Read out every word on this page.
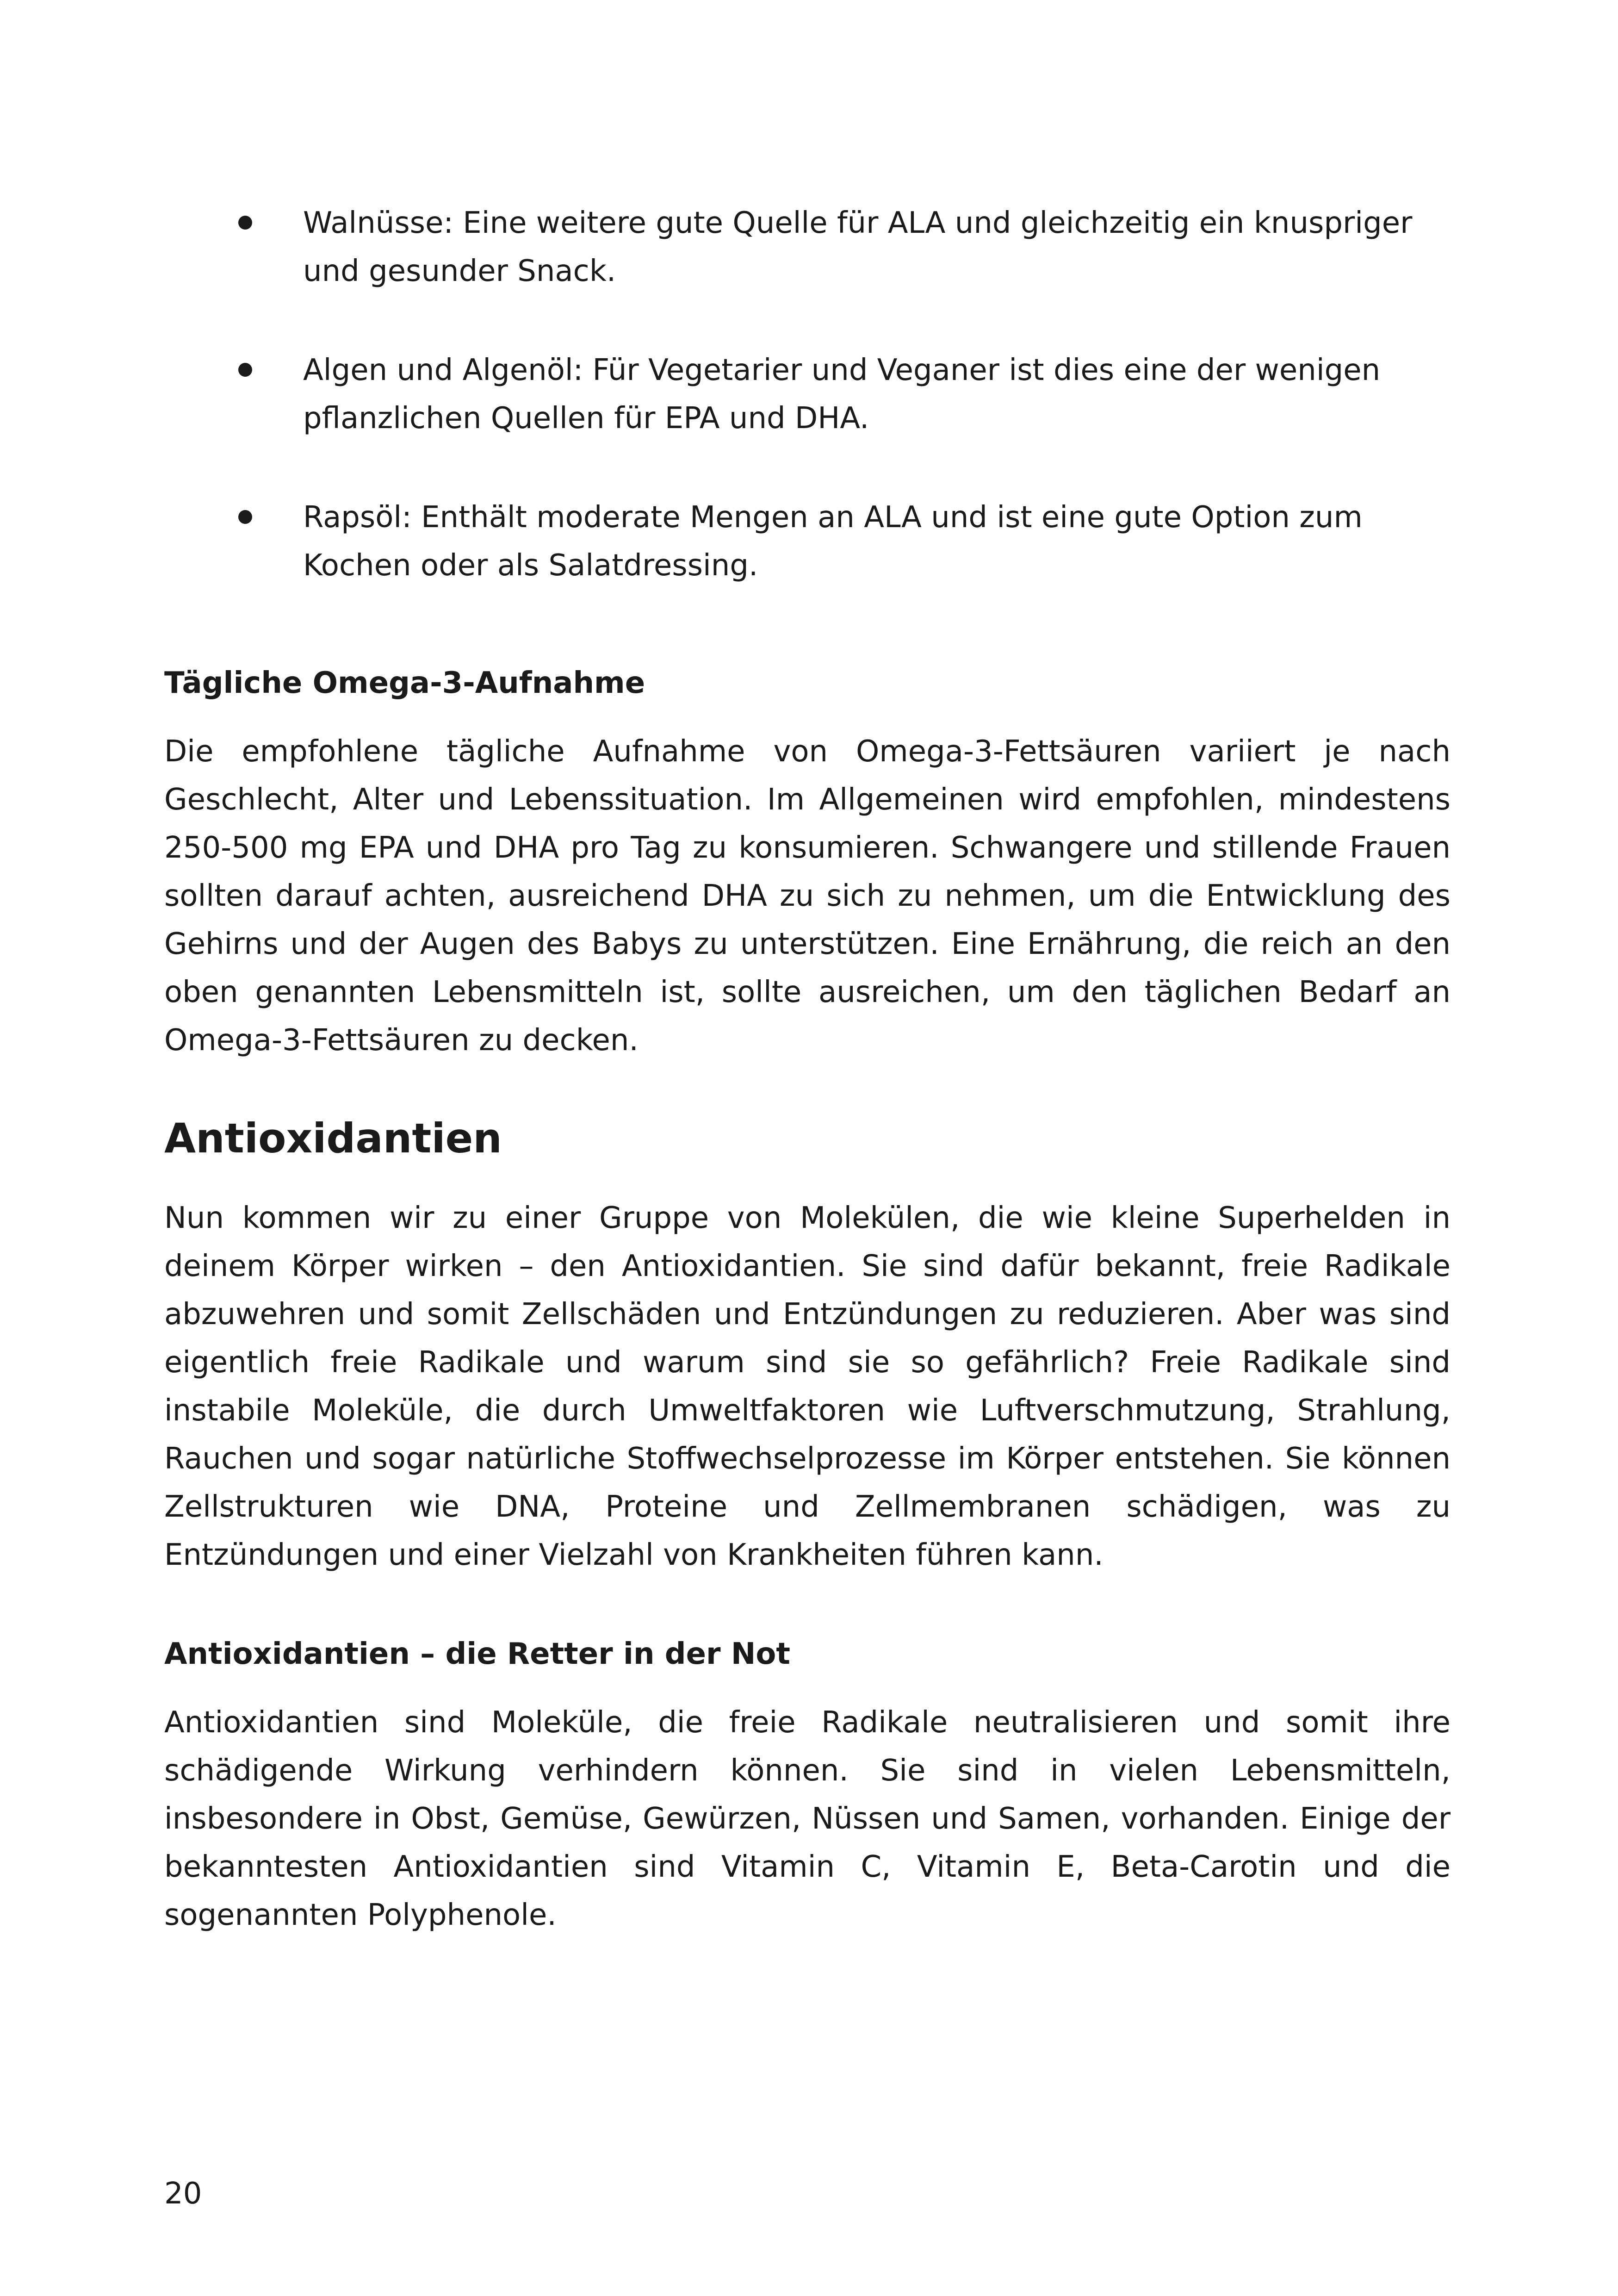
Walnüsse: Eine weitere gute Quelle für ALA und gleichzeitig ein knuspriger und gesunder Snack.
Algen und Algenöl: Für Vegetarier und Veganer ist dies eine der wenigen pflanzlichen Quellen für EPA und DHA.
Rapsöl: Enthält moderate Mengen an ALA und ist eine gute Option zum Kochen oder als Salatdressing.
Tägliche Omega-3-Aufnahme

Die empfohlene tägliche Aufnahme von Omega-3-Fettsäuren variiert je nach Geschlecht, Alter und Lebenssituation. Im Allgemeinen wird empfohlen, mindestens 250-500 mg EPA und DHA pro Tag zu konsumieren. Schwangere und stillende Frauen sollten darauf achten, ausreichend DHA zu sich zu nehmen, um die Entwicklung des Gehirns und der Augen des Babys zu unterstützen. Eine Ernährung, die reich an den oben genannten Lebensmitteln ist, sollte ausreichen, um den täglichen Bedarf an Omega-3-Fettsäuren zu decken.

Antioxidantien

Nun kommen wir zu einer Gruppe von Molekülen, die wie kleine Superhelden in deinem Körper wirken – den Antioxidantien. Sie sind dafür bekannt, freie Radikale abzuwehren und somit Zellschäden und Entzündungen zu reduzieren. Aber was sind eigentlich freie Radikale und warum sind sie so gefährlich? Freie Radikale sind instabile Moleküle, die durch Umweltfaktoren wie Luftverschmutzung, Strahlung, Rauchen und sogar natürliche Stoffwechselprozesse im Körper entstehen. Sie können Zellstrukturen wie DNA, Proteine und Zellmembranen schädigen, was zu Entzündungen und einer Vielzahl von Krankheiten führen kann.

Antioxidantien – die Retter in der Not

Antioxidantien sind Moleküle, die freie Radikale neutralisieren und somit ihre schädigende Wirkung verhindern können. Sie sind in vielen Lebensmitteln, insbesondere in Obst, Gemüse, Gewürzen, Nüssen und Samen, vorhanden. Einige der bekanntesten Antioxidantien sind Vitamin C, Vitamin E, Beta-Carotin und die sogenannten Polyphenole.

20
